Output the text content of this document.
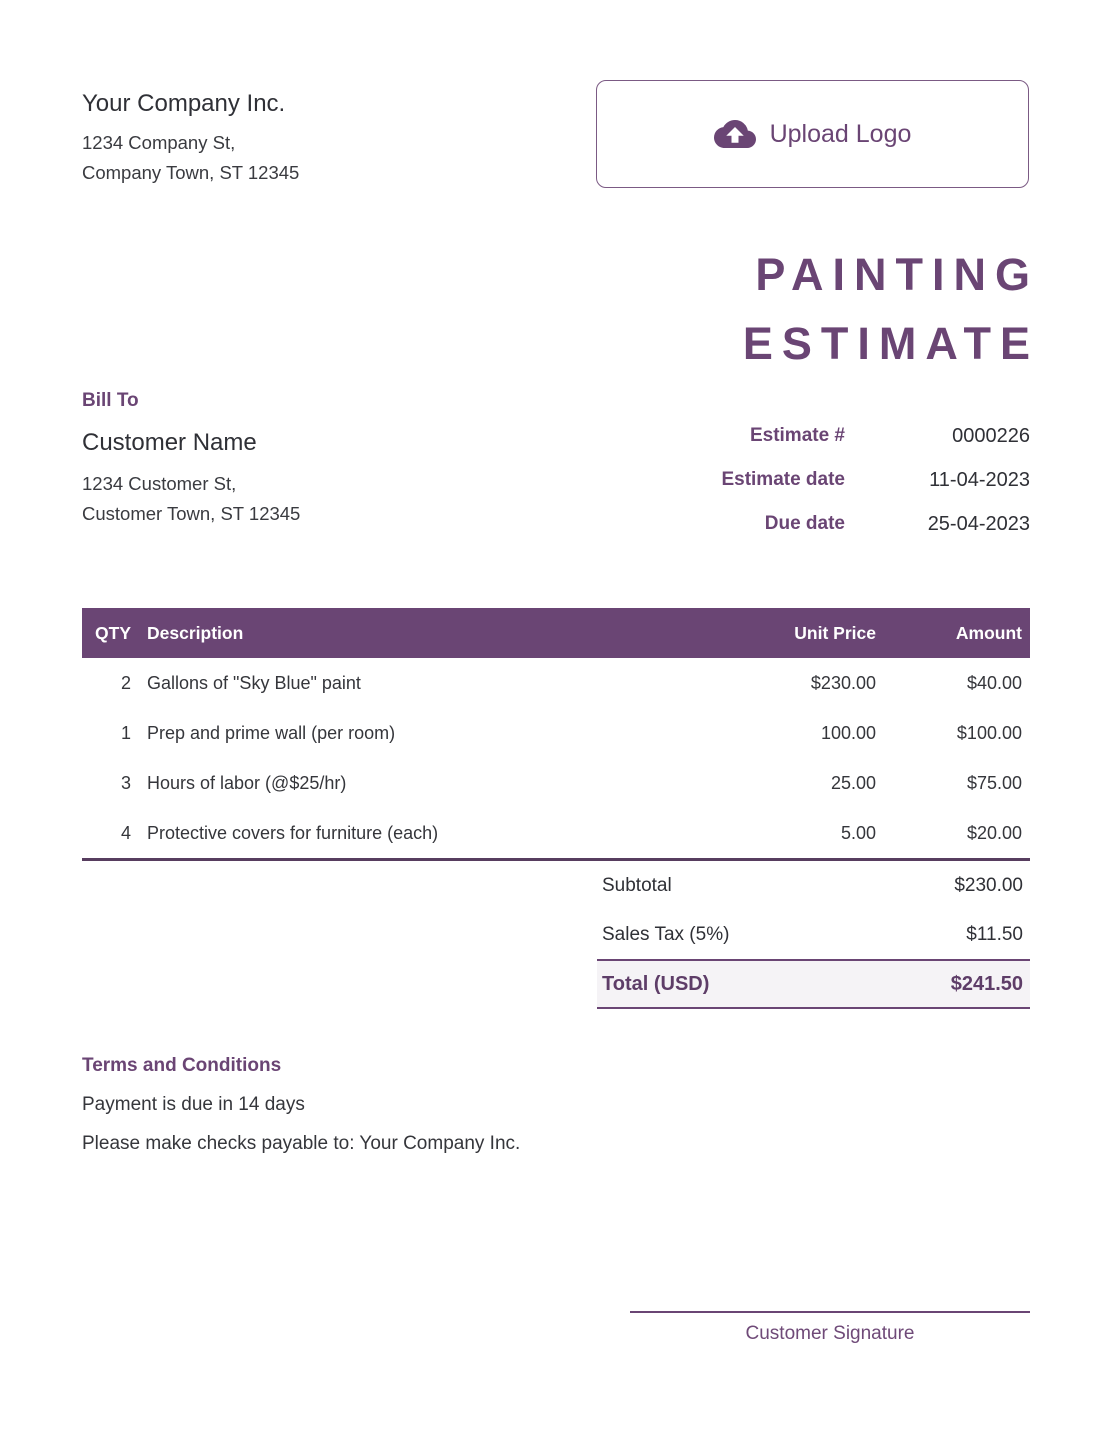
Your Company Inc.
1234 Company St,
Company Town, ST 12345
Upload Logo
PAINTING
ESTIMATE
Bill To
Customer Name
1234 Customer St,
Customer Town, ST 12345
Estimate #	0000226
Estimate date	11-04-2023
Due date	25-04-2023
QTY Description	Unit Price	Amount
2 Gallons of "Sky Blue" paint	$230.00	$40.00
1 Prep and prime wall (per room)	100.00	$100.00
3 Hours of labor (@$25/hr)	25.00	$75.00
4 Protective covers for furniture (each)	5.00	$20.00
Subtotal	$230.00
Sales Tax (5%)	$11.50
Total (USD)	$241.50
Terms and Conditions
Payment is due in 14 days
Please make checks payable to: Your Company Inc.
Customer Signature
